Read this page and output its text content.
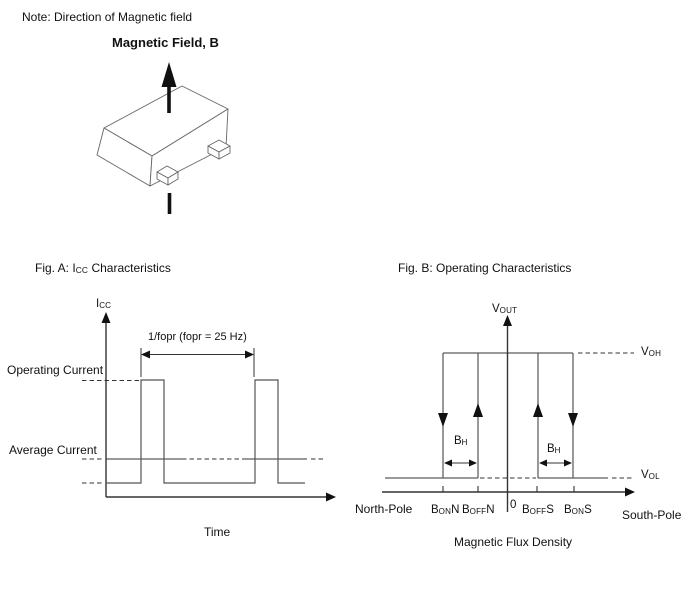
Note: Direction of Magnetic field
Magnetic Field, B
Fig. A: ICC Characteristics
ICC
1/fopr (fopr = 25 Hz)
Operating Current
Average Current
Time
Fig. B: Operating Characteristics
VOUT
VOH
VOL
BH
BH
North-Pole BONN BOFFN 0 BOFFS BONS	South-Pole
Magnetic Flux Density
